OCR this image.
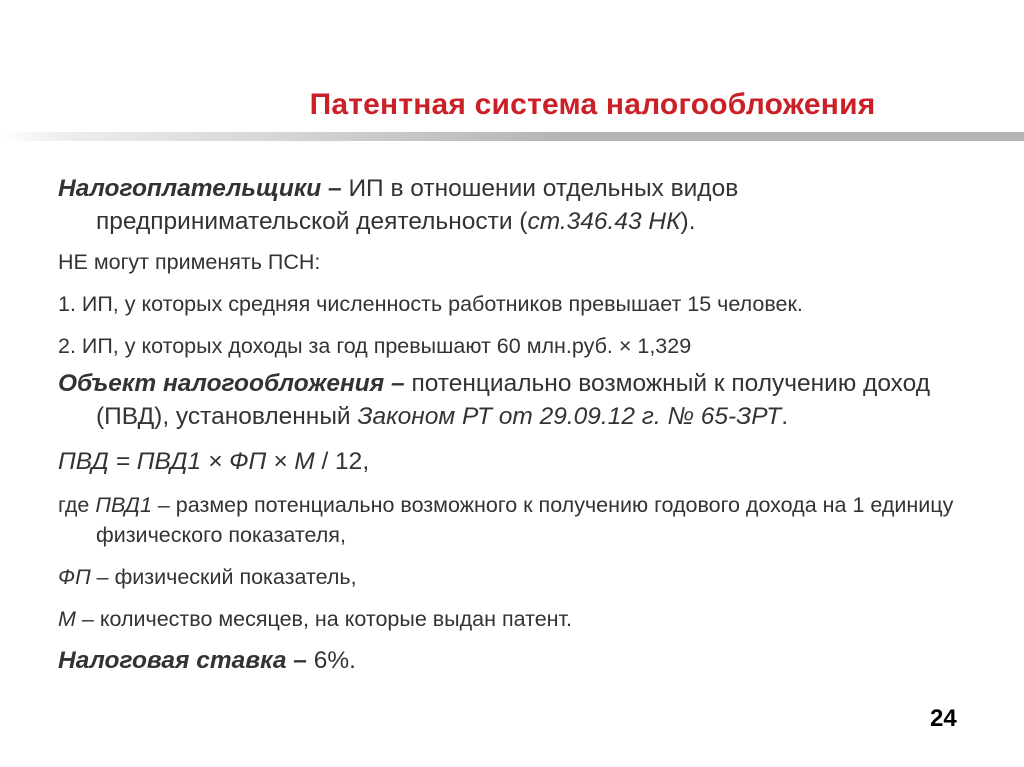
Патентная система налогообложения

Налогоплательщики – ИП в отношении отдельных видов предпринимательской деятельности (ст.346.43 НК).

НЕ могут применять ПСН:

1. ИП, у которых средняя численность работников превышает 15 человек.

2. ИП, у которых доходы за год превышают 60 млн.руб. × 1,329

Объект налогообложения – потенциально возможный к получению доход (ПВД), установленный Законом РТ от 29.09.12 г. № 65-ЗРТ.

ПВД = ПВД1 × ФП × М / 12,

где ПВД1 – размер потенциально возможного к получению годового дохода на 1 единицу физического показателя,

ФП – физический показатель,

М – количество месяцев, на которые выдан патент.

Налоговая ставка – 6%.

24
